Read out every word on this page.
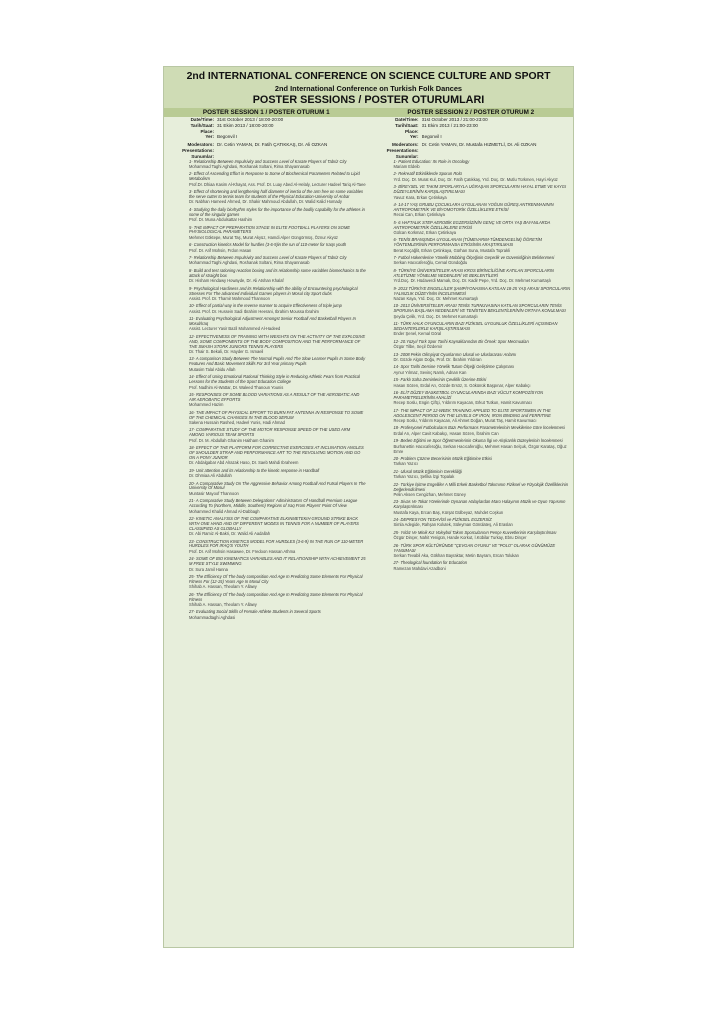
2nd INTERNATIONAL CONFERENCE ON SCIENCE CULTURE AND SPORT
2nd International Conference on Turkish Folk Dances
POSTER SESSIONS / POSTER OTURUMLARI
POSTER SESSION 1 / POSTER OTURUM 1	POSTER SESSION 2 / POSTER OTURUM 2
Date/Time: 31st October 2013 / 18:00-20:00
Tarih/Saat: 31 Ekim 2013 / 18:00-20:00
Place:
Yer: Begonvil I
Moderators: Dr. Cetin YAMAN, Dr. Fatih ÇATIKKAŞ, Dr. Ali OZKAN
Presentations:
Sunumlar:
1- Relationship Between Impulsivity and Success Level of Karate Players of Tabriz City
Mohammad Taghi Aghdasi, Roshanak Soltani, Rima Shayannasab
2- Effect of Ascending Effort in Response to Some of Biochemical Parameters Related to Lipid Metabolism
Prof.Dr. Dhiaa Kasim Al-Khayat, Ass. Prof. Dr. Luay Abed Al-Helaly, Lecturer Hadeel Tariq Al-Taee
3- Effect of shortening and lengthening half diameter of inertia of the arm free on some variables the serve cutter to tennis team for students of the Physical Education-University of Anbar
Dr. Nabhan Hameed Ahmed, Dr. Shakir Mahmoud Abdullah, Dr. Walid Kalid Homady
4- Studying the daily biorhythm styles for the importance of the bodily capability for the athletes in some of the singular games
Prof. Dr. Muna Abdulsattar Hashim
5- THE IMPACT OF PREPARATION STAGE IN ELITE FOOTBALL PLAYERS ON SOME PHYSIOLOGICAL PARAMETERS
Mehmet Göktepe, Murat Taş, Murat Akyüz, Hamdi Alper Güngörmüş, Öznur Akyüz
6- Construction kinetics Model for hurdles (3-6-9)in the run of 110-meter for Iraqs youth
Prof. Dr. Arif Mohsin, Frdon Hasan
7- Relationship Between Impulsivity and Success Level of Karate Players of Tabriz City
Mohammad Taghi Aghdasi, Roshanak Soltani, Rima Shayannasab
8- Build and test rationing reaction boxing and its relationship some variables biomechanics to the attack of straight box
Dr. Hisham Hindawy Howayde, Dr. Ali Atshan Khalaf
9- Psychological Hardiness and its Relationship with the ability of Encountering psychological Stresses For The advanced Individual Games players in Mosul city Sport clubs
Assist. Prof. Dr. Thamir Mahmood Thannoon
10- Effect of partial way in the reverse manner to acquire Effectiveness of triple jump
Assist. Prof. Dr. Hussein Sadi Ibrahim Heerani, Ibrahim Moussa Ibrahim
11- Evaluating Psychological Adjustment Amongst Senior Football And Basketball Players In Mosul/Iraq
Assist. Lecturer Yasir Bazil Mohammed Al-Hadeed
12- EFFECTIVENESS OF TRAINING WITH WEIGHTS ON THE ACTIVITY OF THE EXPLOSIVE AND, SOME COMPONENTS OF THE BODY COMPOSITION AND THE PERFORMANCE OF THE SMASH STORK JUNIORS TENNIS PLAYERS
Dr. Thair S. Bekali, Dr. Hayder G. Ismaeil
13- A comparison Study Between The Normal Pupils And The Slow Learner Pupils In Some Body Features And Basic Movement Skills For 3rd Year primary Pupils
Mutasim Talal Abidu Allah
14- Effect of Using Emotional Rational Thinking Style in Reducing Athletic Fears from Practical Lessons for the Students of the Sport Education College
Prof. Nadhim Al-Wattar, Dr. Waleed Thanoun Younis
15- RESPONSES OF SOME BLOOD VARIATIONS AS A RESULT OF THE AEROBATIC AND AIR AEROBATIC EFFORTS
Mohammed Hazim
16- THE IMPACT OF PHYSICAL EFFORT TO BURN FAT ANTENNA IN RESPONSE TO SOME OF THE CHEMICAL CHANGES IN THE BLOOD SERUM
Sakena Hussain Rashed, Hadeel Yunis, Hadi Ahmad
17- COMPARATIVE STUDY OF THE MOTOR RESPONSE SPEED OF THE USED ARM AMONG VARIOUS TEAM SPORTS
Prof. Dr. M. Abdullah Ghanim Haitham Ghanim
18- EFFECT OF THE PLATFORM FOR CORRECTIVE EXERCISES AT INCLINATION ANGLES OF SHOULDER STRAP AND PERFORMANCE ART TO THE REVOLVING MOTION AND GO ON A PONY JUNIOR
Dr. Abdalgabar Abd Alrazak Haso, Dr. Saeb Mahdi Ibraheem
19- Unit attention and its relationship to the kinetic response in Handball
Dr. Dhmiaa Ali Abdullah
20- A Comparative Study On The Aggressive Behavior Among Football And Futsal Players In The University Of Mosul
Muntasir Mayoof Thannoon
21- A Comparative Study Between Delegations' Administrators Of Handball Premium League According To (Northern, Middle, Southern) Regions of Iraq From Players' Point Of View
Mohammed Khalid Ahmad Al-Dabbagh
22- KINETIC ANALYSIS OF THE COMPARATIVE ELKINMETEKIH GROUND STRIKE BACK WITH ONE HAND AND OF DIFFERENT MODES IN TENNIS FOR A NUMBER OF PLAYERS CLASSIFIED AS GLOBALLY
Dr. Abi Ramiz Al-Bakri, Dr. Walid Ali Aadallah
23- CONSTRUCTION KINETICS MODEL FOR HURDLES (3-6-9) IN THE RUN OF 110-METER HURDLES FOR IRAQ'S YOUTH
Prof. Dr. Arif Mohsin Hasawee, Dr. Fredoon Hassan Athma
24- SOME OF BIO KINEMATICS VARIABLES AND IT RELATIONSHIP WITH ACHIEVEMENT 25 M FREE STYLE SWIMMING
Dr. Sura Jamil Hanna
25- The Efficiency Of The body composition And Age In Predicting Some Elements For Physical Fitness For (12-15) Years Age In Mosul City
Shihab A. Hassan, Theolam Y. Allawy
26- The Efficiency Of The body composition And Age In Predicting Some Elements For Physical Fitness
Shihab A. Hassan, Theolam Y. Allawy
27- Evaluating Social Skills of Female Athlete Students in Several Sports
Mohammadtaghi Aghdasi
Date/Time: 31st October 2013 / 21:00-23:00
Tarih/Saat: 31 Ekim 2013 / 21:00-23:00
Place:
Yer: Begonvil I
Moderators: Dr. Cetin YAMAN, Dr. Mustafa HIZMETLİ, Dr. Ali OZKAN
Presentations:
Sunumlar:
1- Patient Education: Its Role in Oncology
Mariam Eldeib
2- Rekreatif Etkinliklerde Sporun Rolü
Yrd. Doç. Dr. Murat Kul, Doç. Dr. Fatih Çatıkkaş, Yrd. Doç. Dr. Mutlu Türkmen, Hayri Akyüz
3- BİREYSEL VE TAKIM SPORLARIYLA UĞRAŞAN SPORCULARIN HAYAL ETME VE KAYGI DÜZEYLERİNİN KARŞILAŞTIRILMASI
Yavuz Kara, Erkan Çetinkaya
4- 14-17 YAŞ GRUBU ÇOCUKLARA UYGULANAN YOĞUN GÜREŞ ANTRENMANININ ANTROPOMETRİK VE BİYOMOTORİK ÖZELLİKLERE ETKİSİ
Recai Can, Erkan Çetinkaya
5- 6 HAFTALIK STEP AEROBİK EGZERSİZİNİN GENÇ VE ORTA YAŞ BAYANLARDA ANTROPOMETRİK ÖZELLİKLERE ETKİSİ
Gülcan Korkmaz, Erkan Çetinkaya
6- TENİS BRANŞINDA UYGULANAN (TÜMEVARIM-TÜMDENGELİM) ÖĞRETİM YÖNTEMLERİNİN PERFORMANSA ETKİSİNİN ARAŞTIRILMASI
Berat Koçağlit, Erkan Çetinkaya, Gürhan Suna, Mustafa Toprakli
7- Futbol Hakemlerine Yönelik Mobbing Ölçeğinin Geçerlik ve Güvenirliğinin Belirlenmesi
Serkan Hacıcaferoğlu, Cemal Gündoğdu
8- TÜRKİYE ÜNİVERSİTELER ARASI KROS BİRİNCİLİĞİNE KATILAN SPORCULARIN ATLETİZME YÖNELME NEDENLERİ VE BEKLENTİLERİ
Yrd.Doç. Dr. Hüdaverdi Mamak, Doç. Dr. Kadir Pepe, Yrd. Doç. Dr. Mehmet Kumartaşlı
9- 2013 TÜRKİYE ENGELLİLER ŞAMPİYONASINA KATILAN 18-25 YAŞ ARASI SPORCULARIN YALNIZLIK DÜZEYİNİN İNCELENMESİ
Nazan Kaya, Yrd. Doç. Dr. Mehmet Kumartaşlı
10- 2013 ÜNİVERSİTELER ARASI TENİS TURNUVASINA KATILAN SPORCULARIN TENİS SPORUNA BAŞLAMA NEDENLERİ VE TENİSTEN BEKLENTİLERİNİN ORTAYA KONULMASI
Şeyda Çelik, Yrd. Doç. Dr. Mehmet Kumartaşlı
11- TÜRK HALK OYUNCULARIN BAZI FİZİKSEL UYGUNLUK ÖZELLİKLERİ AÇISINDAN SEDANTERLERLE KARŞILAŞTIRILMASI
Ender Şenel, Kemal Göral
12- 20.Yüzyıl Türk Spor Tarihi Kaynaklarından Bir Örnek: Spor Mecmuaları
Özgür Tilbe, Seçil Özdemir
13- 2008 Pekin Olimpiyat Oyunlarının Ulusal ve Uluslararası Anlamı
Dr. Gözde Algün Doğu, Prof. Dr. İbrahim Yıldıran
14- Spor Tarihi Dersine Yönelik Tutum Ölçeği Geliştirme Çalışması
Aynur Yılmaz, Sevinç Namlı, Adnan Kan
15- Farklı Saha Zeminlerinin Çeviklik Üzerine Etkisi
Hasan Sözen, Erdal Arı, Gözde Ersöz, S. Gökünük Başpınar, Alper Kabakçı
16- ELİT DÜZEY BASKETBOL OYUNCULARINDA BAZI VÜCUT KOMPOZİSYON PARAMETRELERİNİN ANALİZİ
Recep Soslu, Engin Çiftçi, Yıldırım Kayacan, Erkut Tutkun, Hamit Kavurmacı
17- THE IMPACT OF 12-WEEK TRAINING APPLIED TO ELITE SPORTSMEN IN THE ADOLESCENT PERIOD ON THE LEVELS OF IRON, IRON BINDING and FERRITINE
Recep Soslu, Yıldırım Kayacan, Ali Ahmet Doğan, Murat Taş, Hamit Kavurmacı
18- Profesyonel Futbolcuların Bazı Performans Parametrelerinin Mevkilerine Göre İncelenmesi
Erdal Arı, Alper Cavit Kabakçı, Hasan Sözen, İbrahim Can
19- Beden Eğitimi ve Spor Öğretmenlerinin Okuma İlgi ve Alışkanlık Düzeylerinin İncelenmesi
Burhanettin Hacıcaferoğlu, Serkan Hacıcaferoğlu, Mehmet Hasan Selçuk, Özgür Karataş, Oğuz Emre
20- Problem Çözme Becerisinin Müzik Eğitimine Etkisi
Tarkan Yazıcı
21- Ulusal Müzik Eğitiminin Gerekliliği
Tarkan Yazıcı, Şefika İzgi Topalak
22- Türkiye İşitme Engelliler A Milli Erkek Basketbol Takımının Fiziksel ve Fizyolojik Özelliklerinin Değerlendirilmesi
Pelin Aksen Cengizhan, Mehmet Güney
23- Sivas Ve Tokat Yörelerinde Oynanan Halaylardan Maro Halayının Müzik ve Oyun Yapısının Karşılaştırılması
Mustafa Kaya, Ercan Baş, Kürşat Gülbeyaz, Muhdet Coşkun
24- DEPRESYON TEDAVİSİ ve FİZİKSEL EGZERSİZ
Simla Adegide, Rahşan Kolutek, Süleyman Gönülateş, Ali Eraslan
25- Yıldız Ve Minik Kız Voleybol Takım Sporcularının Pençe Kuvvetlerinin Karşılaştırılması
Özgür Dinçer, Nahit Yenigün, Hande Korkut, İ.Kübilar Turkay, Ebru Dinçer
26- TÜRK SPOR KÜLTÜRÜNDE "ÇEVGAN OYUNU" VE "POLO" OLARAK GÜNÜMÜZE YANSIMASI
Serkan Tevabil Aka, Gökhan Bayraktar, Metin Bayram, Ercan Tolukan
27- Theological foundation for Education
Ramezan Mahdavi Azadboni
